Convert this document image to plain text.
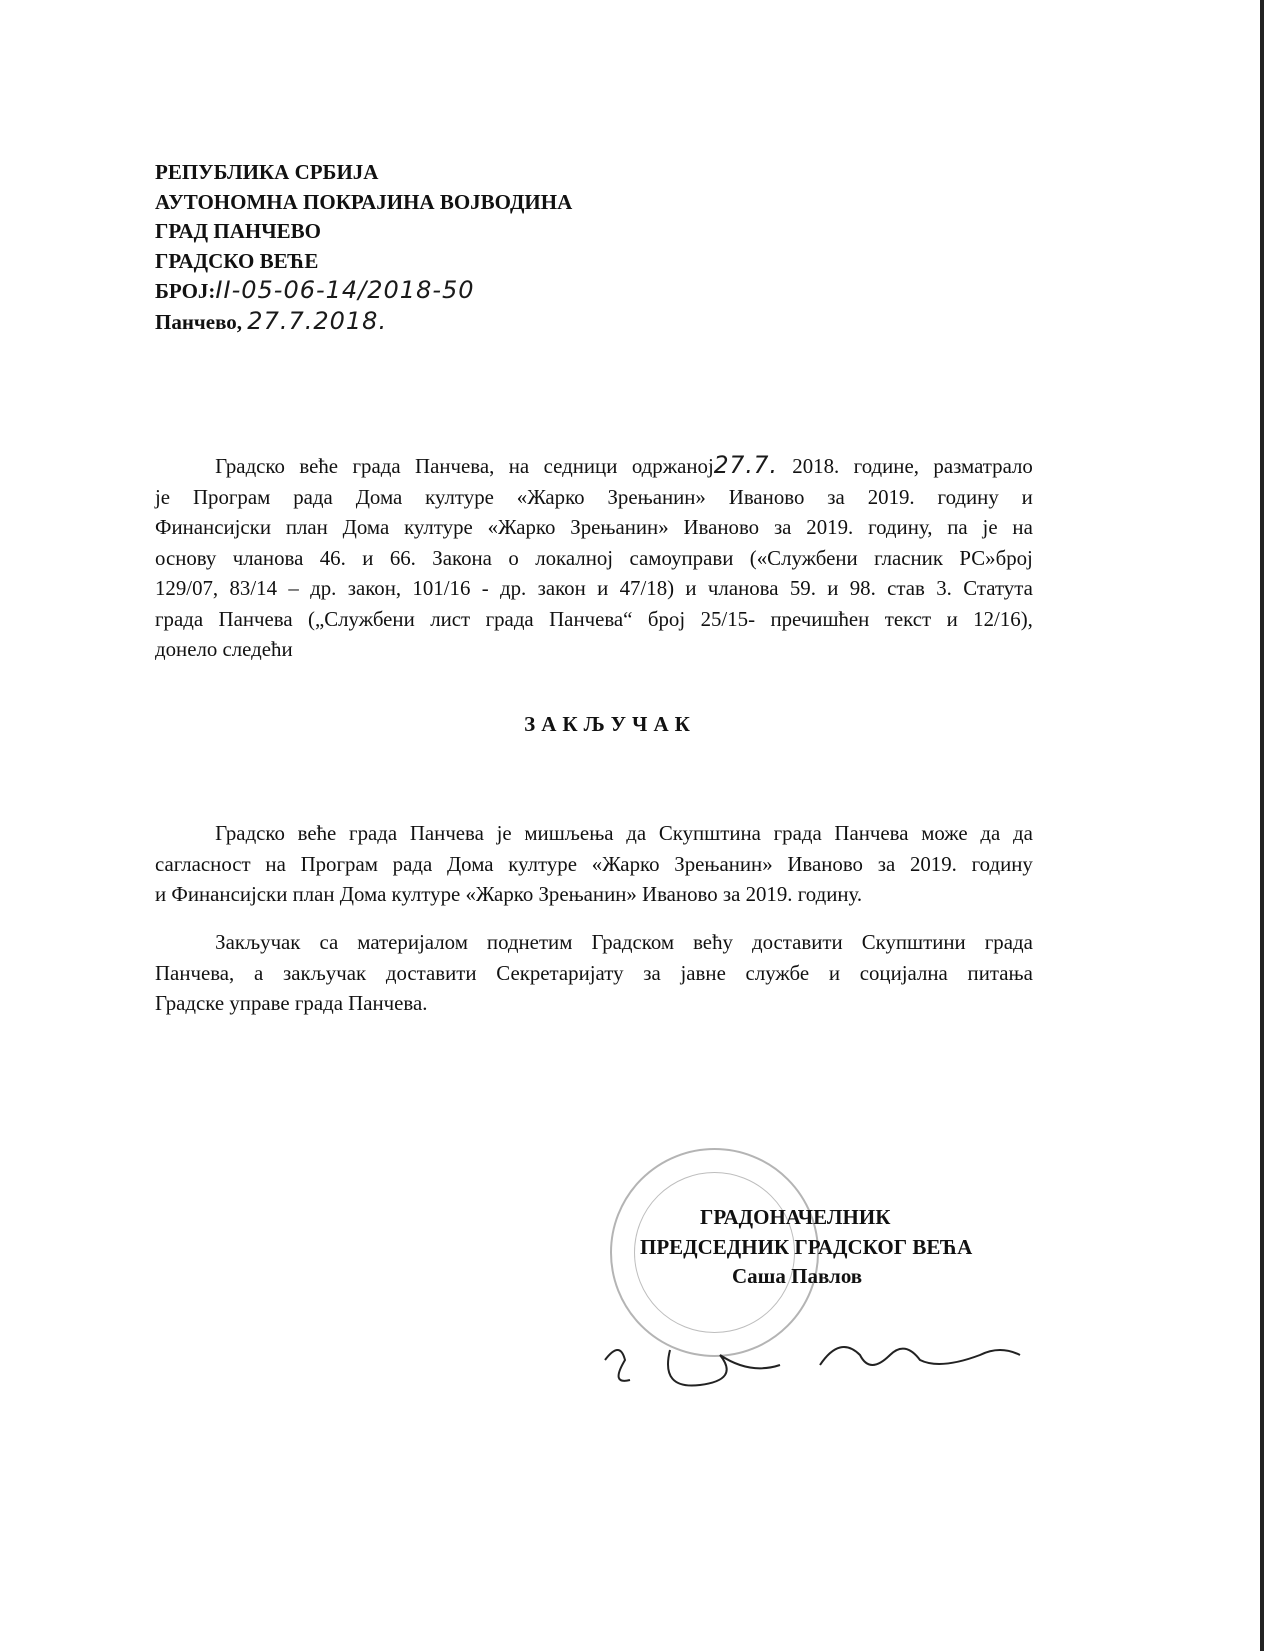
РЕПУБЛИКА СРБИЈА
АУТОНОМНА ПОКРАЈИНА ВОЈВОДИНА
ГРАД ПАНЧЕВО
ГРАДСКО ВЕЋЕ
БРОЈ:II-05-06-14/2018-50
Панчево, 27.7.2018.
Градско веће града Панчева, на седници одржаној27.7. 2018. године, разматрало
је Програм рада Дома културе «Жарко Зрењанин» Иваново за 2019. годину и
Финансијски план Дома културе «Жарко Зрењанин» Иваново за 2019. годину, па је на
основу чланова 46. и 66. Закона о локалној самоуправи («Службени гласник РС»број
129/07, 83/14 – др. закон, 101/16 - др. закон и 47/18) и чланова 59. и 98. став 3. Статута
града Панчева („Службени лист града Панчева“ број 25/15- пречишћен текст и 12/16),
донело следећи
ЗАКЉУЧАК
Градско веће града Панчева је мишљења да Скупштина града Панчева може да да
сагласност на Програм рада Дома културе «Жарко Зрењанин» Иваново за 2019. годину
и Финансијски план Дома културе «Жарко Зрењанин» Иваново за 2019. годину.
Закључак са материјалом поднетим Градском већу доставити Скупштини града
Панчева, а закључак доставити Секретаријату за јавне службе и социјална питања
Градске управе града Панчева.
ГРАДОНАЧЕЛНИК
ПРЕДСЕДНИК ГРАДСКОГ ВЕЋА
Саша Павлов
